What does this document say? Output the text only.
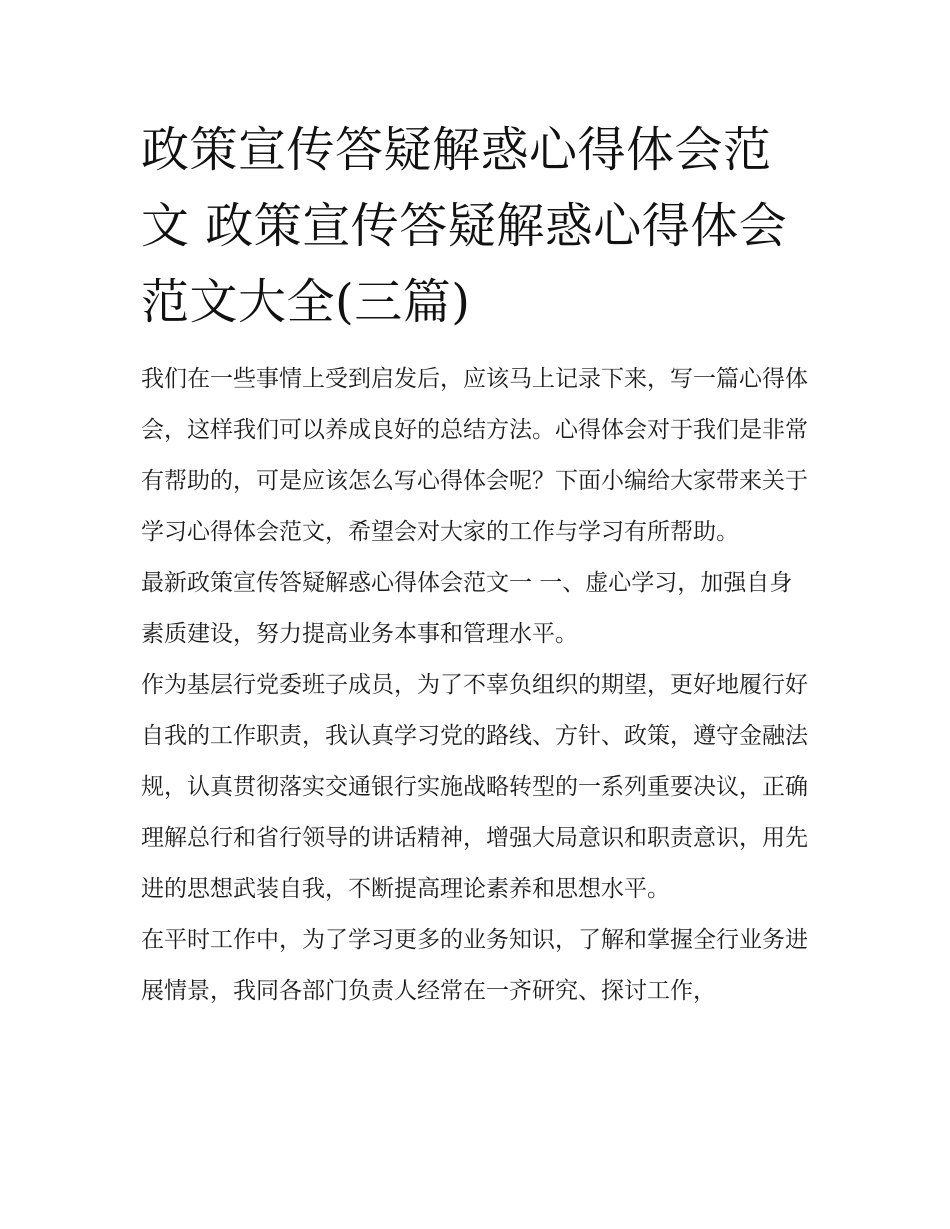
政策宣传答疑解惑心得体会范文 政策宣传答疑解惑心得体会范文大全(三篇)

我们在一些事情上受到启发后，应该马上记录下来，写一篇心得体会，这样我们可以养成良好的总结方法。心得体会对于我们是非常有帮助的，可是应该怎么写心得体会呢？下面小编给大家带来关于学习心得体会范文，希望会对大家的工作与学习有所帮助。

最新政策宣传答疑解惑心得体会范文一 一、虚心学习，加强自身素质建设，努力提高业务本事和管理水平。

作为基层行党委班子成员，为了不辜负组织的期望，更好地履行好自我的工作职责，我认真学习党的路线、方针、政策，遵守金融法规，认真贯彻落实交通银行实施战略转型的一系列重要决议，正确理解总行和省行领导的讲话精神，增强大局意识和职责意识，用先进的思想武装自我，不断提高理论素养和思想水平。

在平时工作中，为了学习更多的业务知识，了解和掌握全行业务进展情景，我同各部门负责人经常在一齐研究、探讨工作，
